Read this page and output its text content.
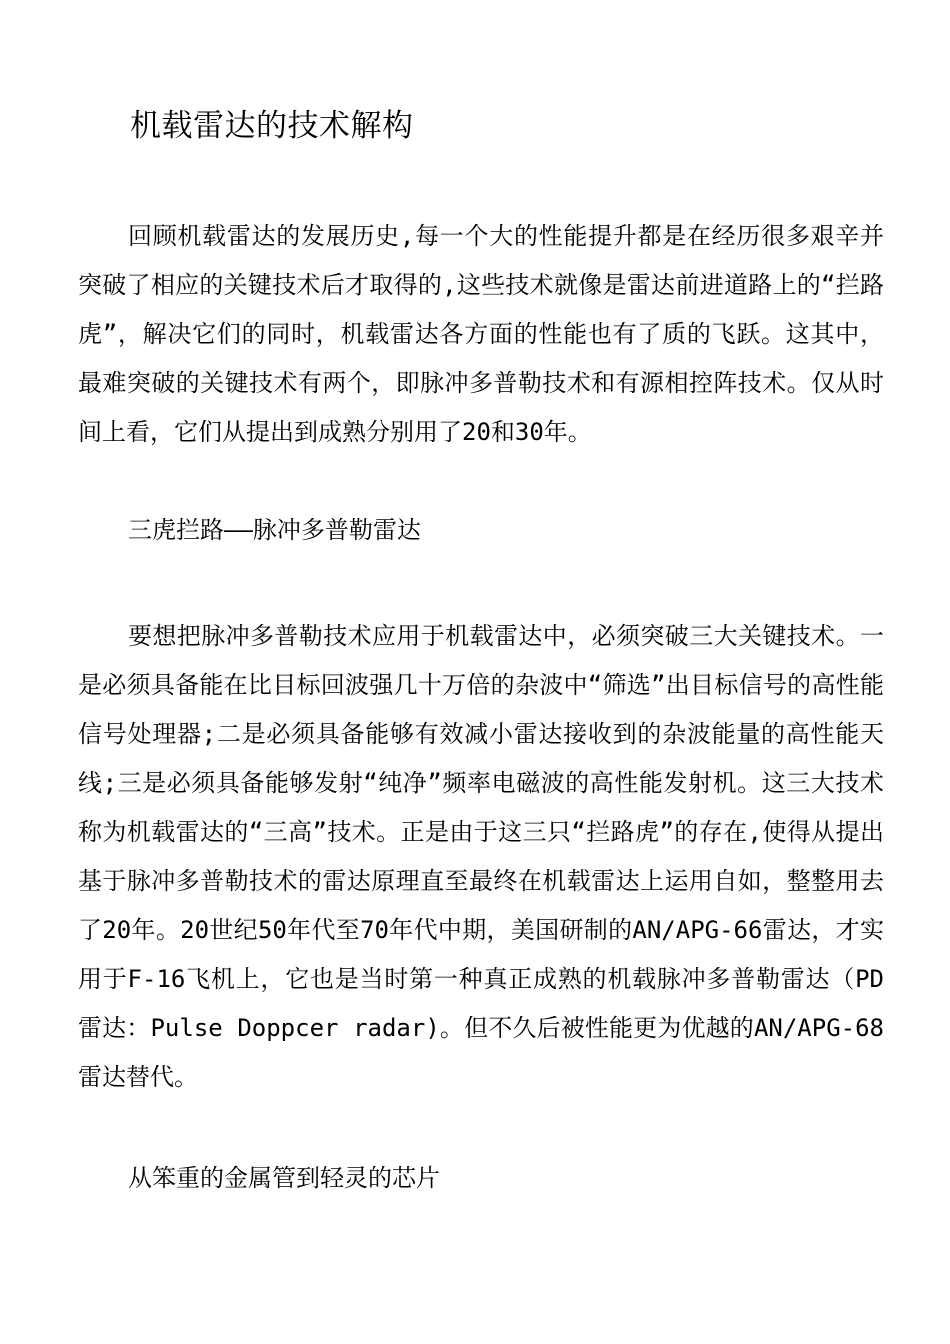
机载雷达的技术解构

回顾机载雷达的发展历史,每一个大的性能提升都是在经历很多艰辛并突破了相应的关键技术后才取得的,这些技术就像是雷达前进道路上的“拦路虎”，解决它们的同时，机载雷达各方面的性能也有了质的飞跃。这其中，最难突破的关键技术有两个，即脉冲多普勒技术和有源相控阵技术。仅从时间上看，它们从提出到成熟分别用了20和30年。

三虎拦路——脉冲多普勒雷达

要想把脉冲多普勒技术应用于机载雷达中，必须突破三大关键技术。一是必须具备能在比目标回波强几十万倍的杂波中“筛选”出目标信号的高性能信号处理器;二是必须具备能够有效减小雷达接收到的杂波能量的高性能天线;三是必须具备能够发射“纯净”频率电磁波的高性能发射机。这三大技术称为机载雷达的“三高”技术。正是由于这三只“拦路虎”的存在,使得从提出基于脉冲多普勒技术的雷达原理直至最终在机载雷达上运用自如，整整用去了20年。20世纪50年代至70年代中期，美国研制的AN/APG-66雷达，才实用于F-16飞机上，它也是当时第一种真正成熟的机载脉冲多普勒雷达（PD雷达：Pulse Doppcer radar)。但不久后被性能更为优越的AN/APG-68雷达替代。

从笨重的金属管到轻灵的芯片
